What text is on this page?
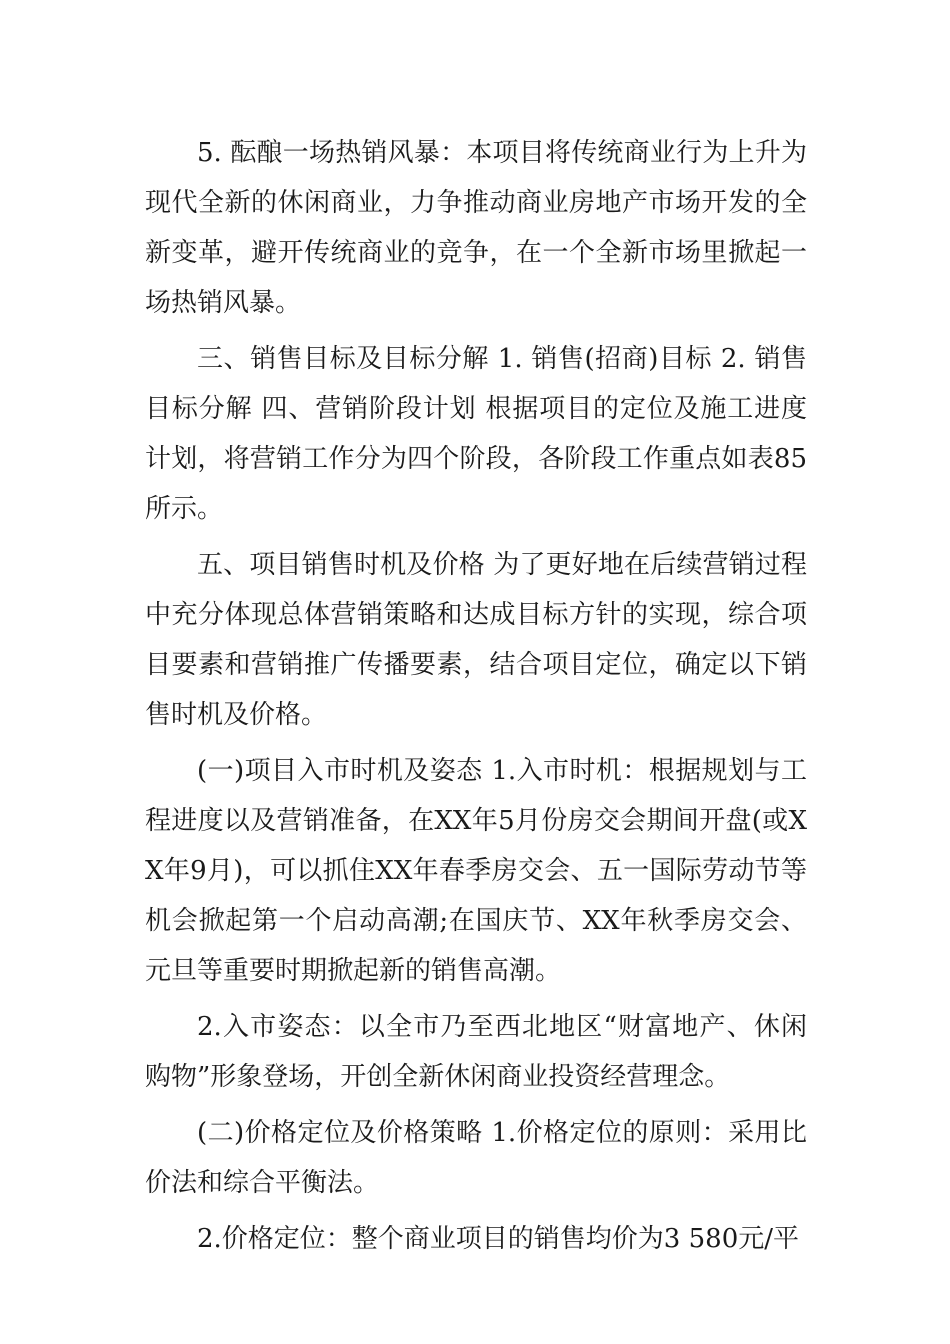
5. 酝酿一场热销风暴：本项目将传统商业行为上升为现代全新的休闲商业，力争推动商业房地产市场开发的全新变革，避开传统商业的竞争，在一个全新市场里掀起一场热销风暴。

三、销售目标及目标分解 1. 销售(招商)目标 2. 销售目标分解 四、营销阶段计划 根据项目的定位及施工进度计划，将营销工作分为四个阶段，各阶段工作重点如表85所示。

五、项目销售时机及价格 为了更好地在后续营销过程中充分体现总体营销策略和达成目标方针的实现，综合项目要素和营销推广传播要素，结合项目定位，确定以下销售时机及价格。

(一)项目入市时机及姿态 1.入市时机：根据规划与工程进度以及营销准备，在XX年5月份房交会期间开盘(或XX年9月)，可以抓住XX年春季房交会、五一国际劳动节等机会掀起第一个启动高潮;在国庆节、XX年秋季房交会、元旦等重要时期掀起新的销售高潮。

2.入市姿态：以全市乃至西北地区“财富地产、休闲购物”形象登场，开创全新休闲商业投资经营理念。

(二)价格定位及价格策略 1.价格定位的原则：采用比价法和综合平衡法。

2.价格定位：整个商业项目的销售均价为3 580元/平
